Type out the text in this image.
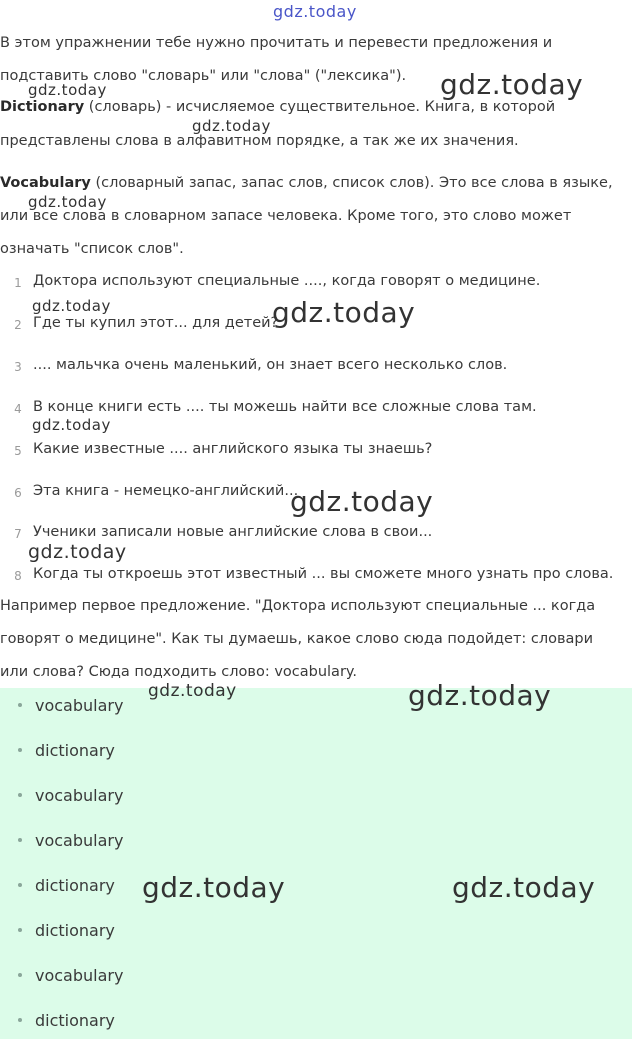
gdz.today
В этом упражнении тебе нужно прочитать и перевести предложения и
подставить слово "словарь" или "слова" ("лексика").
gdz.today	gdz.today
Dictionary (словарь) - исчисляемое существительное. Книга, в которой
gdz.today
представлены слова в алфавитном порядке, а так же их значения.
Vocabulary (словарный запас, запас слов, список слов). Это все слова в языке,
gdz.today
или все слова в словарном запасе человека. Кроме того, это слово может
означать "список слов".
1 Доктора используют специальные ...., когда говорят о медицине.
gdz.today
2 Где ты купил этот... для детей?
gdz.today
3 .... мальчка очень маленький, он знает всего несколько слов.
4 В конце книги есть .... ты можешь найти все сложные слова там.
gdz.today
5 Какие известные .... английского языка ты знаешь?
6 Эта книга - немецко-английский...
gdz.today
7 Ученики записали новые английские слова в свои...
gdz.today
8 Когда ты откроешь этот известный ... вы сможете много узнать про слова.
Например первое предложение. "Доктора используют специальные ... когда
говорят о медицине". Как ты думаешь, какое слово сюда подойдет: словари
или слова? Сюда подходить слово: vocabulary.
vocabulary
dictionary
vocabulary
vocabulary
dictionary
dictionary
vocabulary
dictionary
gdz.today	gdz.today
gdz.today	gdz.today
